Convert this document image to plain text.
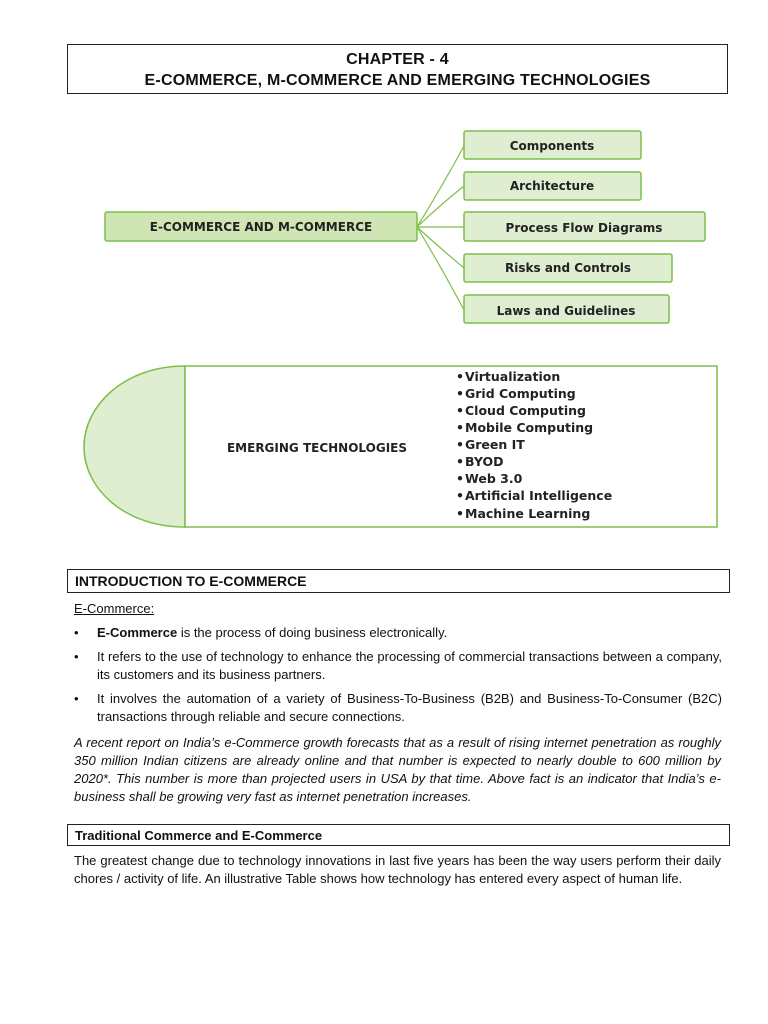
CHAPTER - 4
E-COMMERCE, M-COMMERCE AND EMERGING TECHNOLOGIES
E-COMMERCE AND M-COMMERCE
Components
Architecture
Process Flow Diagrams
Risks and Controls
Laws and Guidelines
EMERGING TECHNOLOGIES
• Virtualization
• Grid Computing
• Cloud Computing
• Mobile Computing
• Green IT
• BYOD
• Web 3.0
• Artificial Intelligence
• Machine Learning
INTRODUCTION TO E-COMMERCE
E-Commerce:
• E-Commerce is the process of doing business electronically.
• It refers to the use of technology to enhance the processing of commercial transactions between a company, its customers and its business partners.
• It involves the automation of a variety of Business-To-Business (B2B) and Business-To-Consumer (B2C) transactions through reliable and secure connections.

A recent report on India’s e-Commerce growth forecasts that as a result of rising internet penetration as roughly 350 million Indian citizens are already online and that number is expected to nearly double to 600 million by 2020*. This number is more than projected users in USA by that time. Above fact is an indicator that India’s e-business shall be growing very fast as internet penetration increases.

Traditional Commerce and E-Commerce

The greatest change due to technology innovations in last five years has been the way users perform their daily chores / activity of life. An illustrative Table shows how technology has entered every aspect of human life.
